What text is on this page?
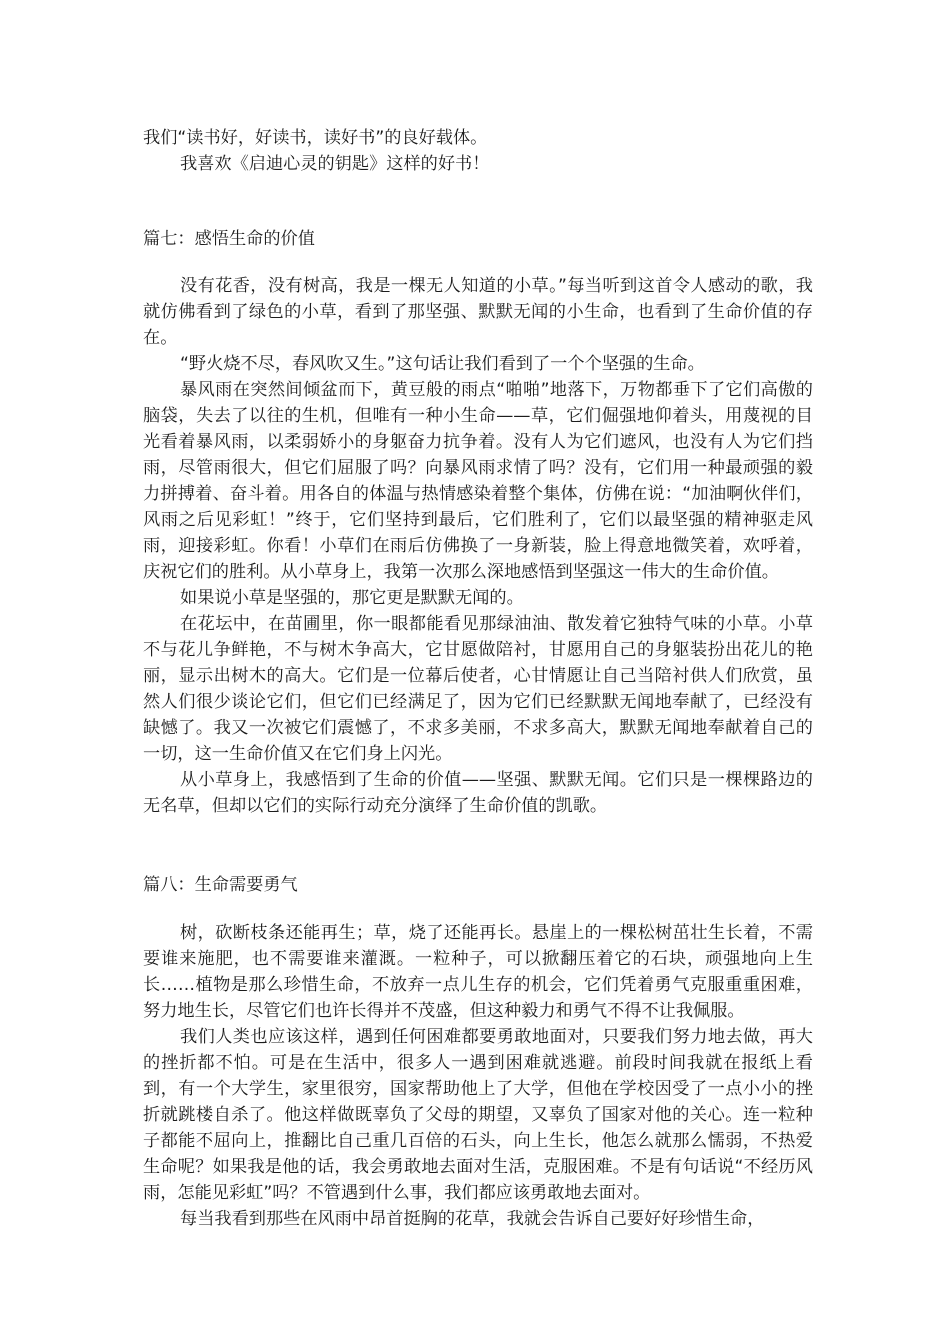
我们“读书好，好读书，读好书”的良好载体。

我喜欢《启迪心灵的钥匙》这样的好书！

篇七：感悟生命的价值

没有花香，没有树高，我是一棵无人知道的小草。”每当听到这首令人感动的歌，我就仿佛看到了绿色的小草，看到了那坚强、默默无闻的小生命，也看到了生命价值的存在。

“野火烧不尽，春风吹又生。”这句话让我们看到了一个个坚强的生命。

暴风雨在突然间倾盆而下，黄豆般的雨点“啪啪”地落下，万物都垂下了它们高傲的脑袋，失去了以往的生机，但唯有一种小生命——草，它们倔强地仰着头，用蔑视的目光看着暴风雨，以柔弱娇小的身躯奋力抗争着。没有人为它们遮风，也没有人为它们挡雨，尽管雨很大，但它们屈服了吗？向暴风雨求情了吗？没有，它们用一种最顽强的毅力拼搏着、奋斗着。用各自的体温与热情感染着整个集体，仿佛在说：“加油啊伙伴们，风雨之后见彩虹！”终于，它们坚持到最后，它们胜利了，它们以最坚强的精神驱走风雨，迎接彩虹。你看！小草们在雨后仿佛换了一身新装，脸上得意地微笑着，欢呼着，庆祝它们的胜利。从小草身上，我第一次那么深地感悟到坚强这一伟大的生命价值。

如果说小草是坚强的，那它更是默默无闻的。

在花坛中，在苗圃里，你一眼都能看见那绿油油、散发着它独特气味的小草。小草不与花儿争鲜艳，不与树木争高大，它甘愿做陪衬，甘愿用自己的身躯装扮出花儿的艳丽，显示出树木的高大。它们是一位幕后使者，心甘情愿让自己当陪衬供人们欣赏，虽然人们很少谈论它们，但它们已经满足了，因为它们已经默默无闻地奉献了，已经没有缺憾了。我又一次被它们震憾了，不求多美丽，不求多高大，默默无闻地奉献着自己的一切，这一生命价值又在它们身上闪光。

从小草身上，我感悟到了生命的价值——坚强、默默无闻。它们只是一棵棵路边的无名草，但却以它们的实际行动充分演绎了生命价值的凯歌。

篇八：生命需要勇气

树，砍断枝条还能再生；草，烧了还能再长。悬崖上的一棵松树茁壮生长着，不需要谁来施肥，也不需要谁来灌溉。一粒种子，可以掀翻压着它的石块，顽强地向上生长……植物是那么珍惜生命，不放弃一点儿生存的机会，它们凭着勇气克服重重困难，努力地生长，尽管它们也许长得并不茂盛，但这种毅力和勇气不得不让我佩服。

我们人类也应该这样，遇到任何困难都要勇敢地面对，只要我们努力地去做，再大的挫折都不怕。可是在生活中，很多人一遇到困难就逃避。前段时间我就在报纸上看到，有一个大学生，家里很穷，国家帮助他上了大学，但他在学校因受了一点小小的挫折就跳楼自杀了。他这样做既辜负了父母的期望，又辜负了国家对他的关心。连一粒种子都能不屈向上，推翻比自己重几百倍的石头，向上生长，他怎么就那么懦弱，不热爱生命呢？如果我是他的话，我会勇敢地去面对生活，克服困难。不是有句话说“不经历风雨，怎能见彩虹”吗？不管遇到什么事，我们都应该勇敢地去面对。

每当我看到那些在风雨中昂首挺胸的花草，我就会告诉自己要好好珍惜生命，
